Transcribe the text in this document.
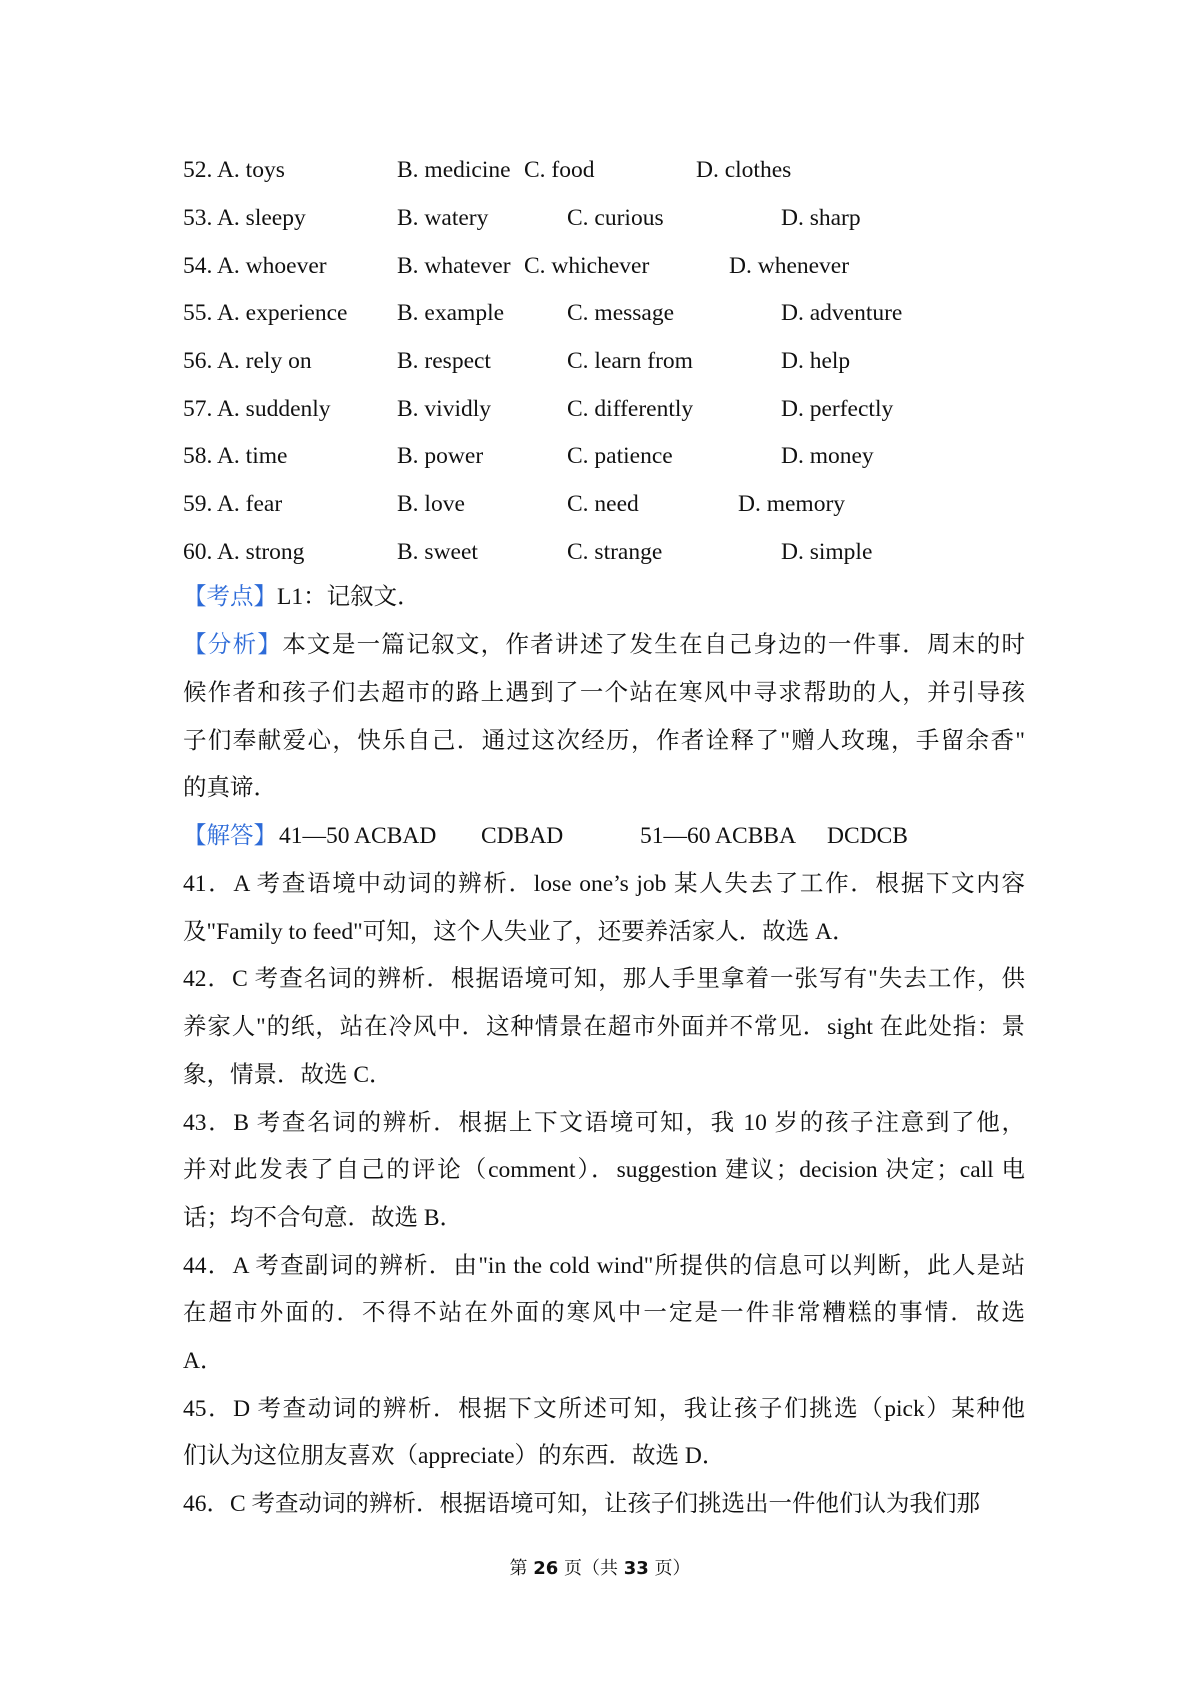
52. A. toys	B. medicine C. food	D. clothes
53. A. sleepy	B. watery	C. curious	D. sharp
54. A. whoever	B. whatever C. whichever	D. whenever
55. A. experience B. example	C. message	D. adventure
56. A. rely on	B. respect	C. learn from	D. help
57. A. suddenly	B. vividly	C. differently	D. perfectly
58. A. time	B. power	C. patience	D. money
59. A. fear	B. love	C. need	D. memory
60. A. strong	B. sweet	C. strange	D. simple
【考点】L1：记叙文．
【分析】本文是一篇记叙文，作者讲述了发生在自己身边的一件事．周末的时
候作者和孩子们去超市的路上遇到了一个站在寒风中寻求帮助的人，并引导孩
子们奉献爱心，快乐自己．通过这次经历，作者诠释了"赠人玫瑰，手留余香"
的真谛．
【解答】 41—50 ACBAD CDBAD	51—60 ACBBA DCDCB
41．A 考查语境中动词的辨析．lose one’s job 某人失去了工作．根据下文内容
及"Family to feed"可知，这个人失业了，还要养活家人．故选 A．
42．C 考查名词的辨析．根据语境可知，那人手里拿着一张写有"失去工作，供
养家人"的纸，站在冷风中．这种情景在超市外面并不常见．sight 在此处指：景
象，情景．故选 C．
43．B 考查名词的辨析．根据上下文语境可知，我 10 岁的孩子注意到了他，
并对此发表了自己的评论（comment）．suggestion 建议；decision 决定；call 电
话；均不合句意．故选 B．
44．A 考查副词的辨析．由"in the cold wind"所提供的信息可以判断，此人是站
在超市外面的．不得不站在外面的寒风中一定是一件非常糟糕的事情．故选
A．
45．D 考查动词的辨析．根据下文所述可知，我让孩子们挑选（pick）某种他
们认为这位朋友喜欢（appreciate）的东西．故选 D．
46．C 考查动词的辨析．根据语境可知，让孩子们挑选出一件他们认为我们那
第 26 页（共 33 页）
